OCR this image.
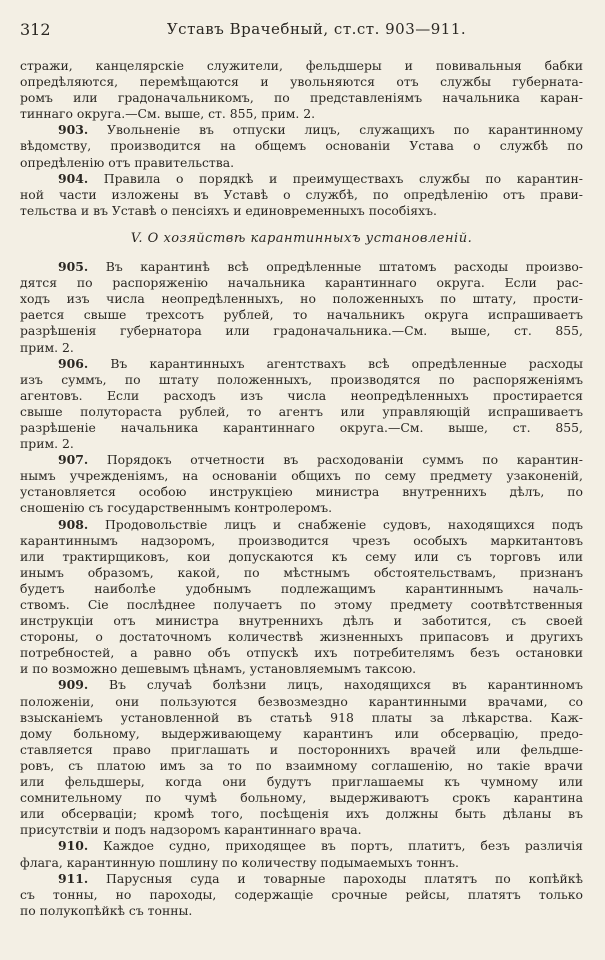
312	Уставъ Врачебный, ст.ст. 903—911.
стражи, канцелярскіе служители, фельдшеры и повивальныя бабки
опредѣляются, перемѣщаются и увольняются отъ службы губерната-
ромъ или градоначальникомъ, по представленіямъ начальника каран-
тиннаго округа.—См. выше, ст. 855, прим. 2.
903. Увольненіе въ отпуски лицъ, служащихъ по карантинному
вѣдомству, производится на общемъ основаніи Устава о службѣ по
опредѣленію отъ правительства.
904. Правила о порядкѣ и преимуществахъ службы по карантин-
ной части изложены въ Уставѣ о службѣ, по опредѣленію отъ прави-
тельства и въ Уставѣ о пенсіяхъ и единовременныхъ пособіяхъ.
V. О хозяйствѣ карантинныхъ установленій.
905. Въ карантинѣ всѣ опредѣленные штатомъ расходы произво-
дятся по распоряженію начальника карантиннаго округа. Если рас-
ходъ изъ числа неопредѣленныхъ, но положенныхъ по штату, прости-
рается свыше трехсотъ рублей, то начальникъ округа испрашиваетъ
разрѣшенія губернатора или градоначальника.—См. выше, ст. 855,
прим. 2.
906. Въ карантинныхъ агентствахъ всѣ опредѣленные расходы
изъ суммъ, по штату положенныхъ, производятся по распоряженіямъ
агентовъ. Если расходъ изъ числа неопредѣленныхъ простирается
свыше полутораста рублей, то агентъ или управляющій испрашиваетъ
разрѣшеніе начальника карантиннаго округа.—См. выше, ст. 855,
прим. 2.
907. Порядокъ отчетности въ расходованіи суммъ по карантин-
нымъ учрежденіямъ, на основаніи общихъ по сему предмету узаконеній,
установляется особою инструкціею министра внутреннихъ дѣлъ, по
сношенію съ государственнымъ контролеромъ.
908. Продовольствіе лицъ и снабженіе судовъ, находящихся подъ
карантиннымъ надзоромъ, производится чрезъ особыхъ маркитантовъ
или трактирщиковъ, кои допускаются къ сему или съ торговъ или
инымъ образомъ, какой, по мѣстнымъ обстоятельствамъ, признанъ
будетъ наиболѣе удобнымъ подлежащимъ карантиннымъ началь-
ствомъ. Сіе послѣднее получаетъ по этому предмету соотвѣтственныя
инструкціи отъ министра внутреннихъ дѣлъ и заботится, съ своей
стороны, о достаточномъ количествѣ жизненныхъ припасовъ и другихъ
потребностей, а равно объ отпускѣ ихъ потребителямъ безъ остановки
и по возможно дешевымъ цѣнамъ, установляемымъ таксою.
909. Въ случаѣ болѣзни лицъ, находящихся въ карантинномъ
положеніи, они пользуются безвозмездно карантинными врачами, со
взысканіемъ установленной въ статьѣ 918 платы за лѣкарства. Каж-
дому больному, выдерживающему карантинъ или обсервацію, предо-
ставляется право приглашать и постороннихъ врачей или фельдше-
ровъ, съ платою имъ за то по взаимному соглашенію, но такіе врачи
или фельдшеры, когда они будутъ приглашаемы къ чумному или
сомнительному по чумѣ больному, выдерживаютъ срокъ карантина
или обсерваціи; кромѣ того, посѣщенія ихъ должны быть дѣланы въ
присутствіи и подъ надзоромъ карантиннаго врача.
910. Каждое судно, приходящее въ портъ, платитъ, безъ различія
флага, карантинную пошлину по количеству подымаемыхъ тоннъ.
911. Парусныя суда и товарные пароходы платятъ по копѣйкѣ
съ тонны, но пароходы, содержащіе срочные рейсы, платятъ только
по полукопѣйкѣ съ тонны.
